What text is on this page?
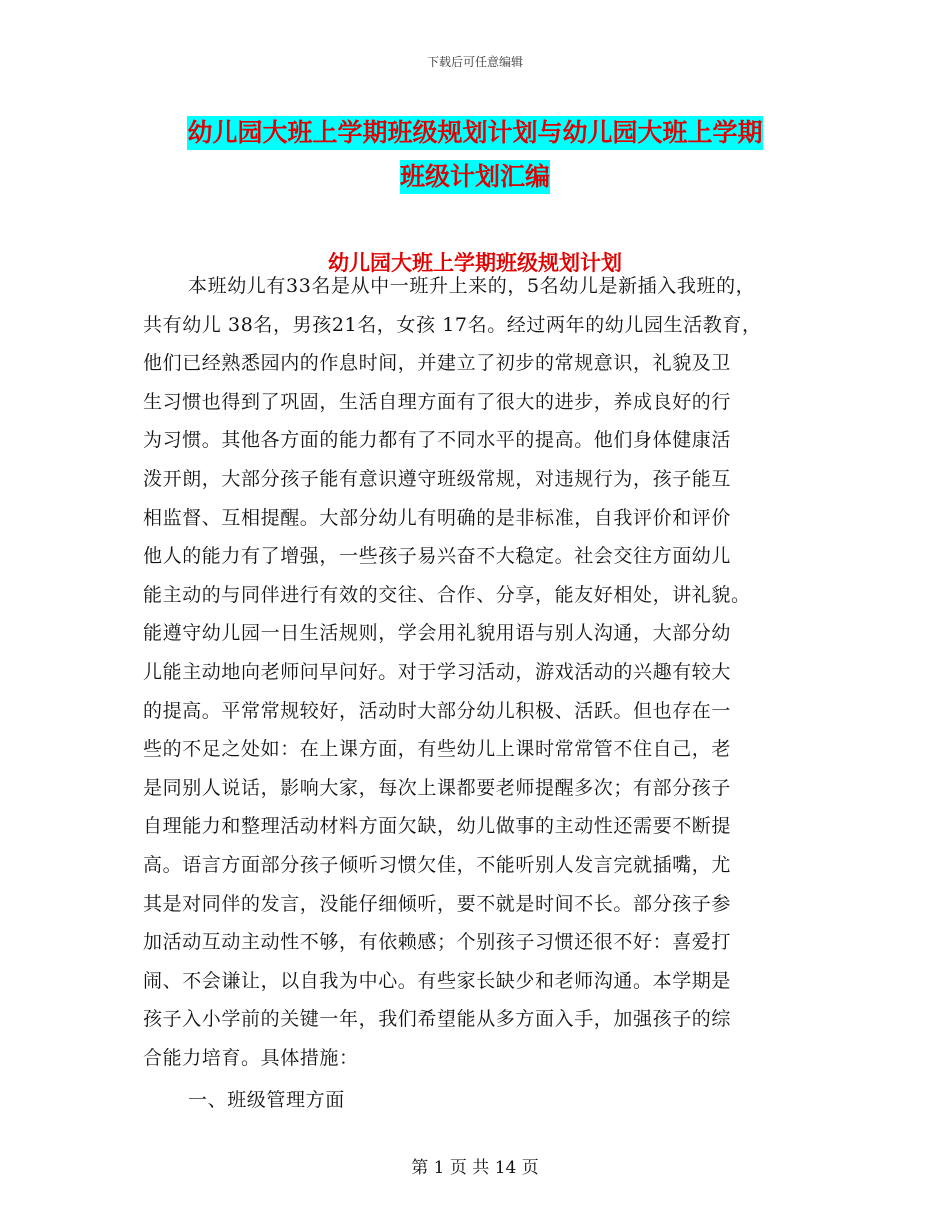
下载后可任意编辑
幼儿园大班上学期班级规划计划与幼儿园大班上学期
班级计划汇编
幼儿园大班上学期班级规划计划
本班幼儿有33名是从中一班升上来的，5名幼儿是新插入我班的，
共有幼儿 38名，男孩21名，女孩 17名。经过两年的幼儿园生活教育，
他们已经熟悉园内的作息时间，并建立了初步的常规意识，礼貌及卫
生习惯也得到了巩固，生活自理方面有了很大的进步，养成良好的行
为习惯。其他各方面的能力都有了不同水平的提高。他们身体健康活
泼开朗，大部分孩子能有意识遵守班级常规，对违规行为，孩子能互
相监督、互相提醒。大部分幼儿有明确的是非标准，自我评价和评价
他人的能力有了增强，一些孩子易兴奋不大稳定。社会交往方面幼儿
能主动的与同伴进行有效的交往、合作、分享，能友好相处，讲礼貌。
能遵守幼儿园一日生活规则，学会用礼貌用语与别人沟通，大部分幼
儿能主动地向老师问早问好。对于学习活动，游戏活动的兴趣有较大
的提高。平常常规较好，活动时大部分幼儿积极、活跃。但也存在一
些的不足之处如：在上课方面，有些幼儿上课时常常管不住自己，老
是同别人说话，影响大家，每次上课都要老师提醒多次；有部分孩子
自理能力和整理活动材料方面欠缺，幼儿做事的主动性还需要不断提
高。语言方面部分孩子倾听习惯欠佳，不能听别人发言完就插嘴，尤
其是对同伴的发言，没能仔细倾听，要不就是时间不长。部分孩子参
加活动互动主动性不够，有依赖感；个别孩子习惯还很不好：喜爱打
闹、不会谦让，以自我为中心。有些家长缺少和老师沟通。本学期是
孩子入小学前的关键一年，我们希望能从多方面入手，加强孩子的综
合能力培育。具体措施：
一、班级管理方面
第 1 页 共 14 页
